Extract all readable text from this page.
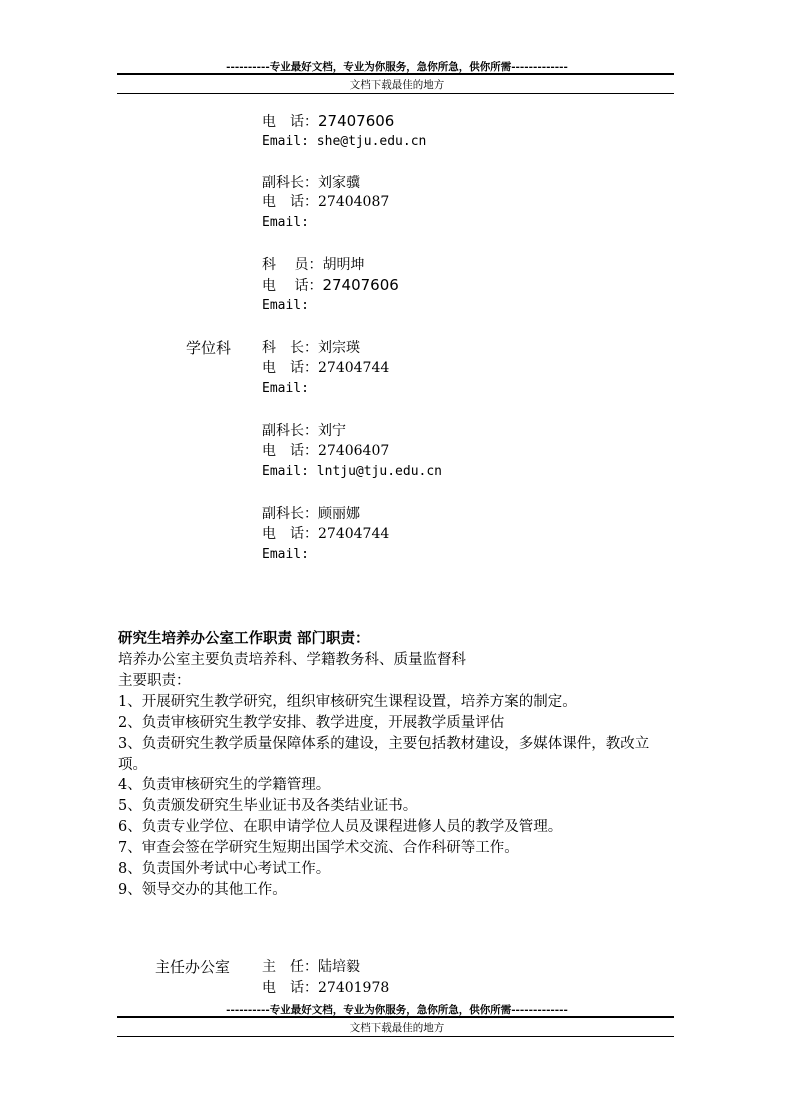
----------专业最好文档，专业为你服务，急你所急，供你所需-------------
文档下载最佳的地方
电　话：27407606
Email: she@tju.edu.cn
副科长：刘家骥
电　话：27404087
Email:
科　 员：胡明坤
电　 话：27407606
Email:
学位科 科　长：刘宗瑛
电　话：27404744
Email:
副科长：刘宁
电　话：27406407
Email: lntju@tju.edu.cn
副科长：顾丽娜
电　话：27404744
Email:
研究生培养办公室工作职责 部门职责：
培养办公室主要负责培养科、学籍教务科、质量监督科
主要职责：
1、开展研究生教学研究，组织审核研究生课程设置，培养方案的制定。
2、负责审核研究生教学安排、教学进度，开展教学质量评估
3、负责研究生教学质量保障体系的建设，主要包括教材建设，多媒体课件，教改立项。
4、负责审核研究生的学籍管理。
5、负责颁发研究生毕业证书及各类结业证书。
6、负责专业学位、在职申请学位人员及课程进修人员的教学及管理。
7、审查会签在学研究生短期出国学术交流、合作科研等工作。
8、负责国外考试中心考试工作。
9、领导交办的其他工作。
主任办公室 主　任：陆培毅
电　话：27401978
----------专业最好文档，专业为你服务，急你所急，供你所需-------------
文档下载最佳的地方
